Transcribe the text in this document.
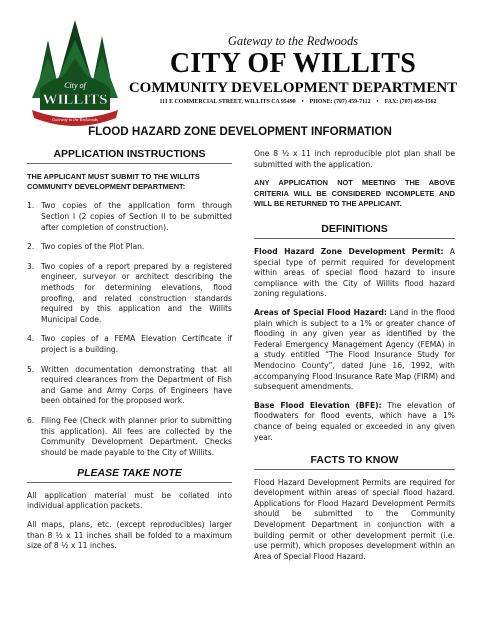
City of
WILLITS
Gateway to the Redwoods
Gateway to the Redwoods
CITY OF WILLITS
COMMUNITY DEVELOPMENT DEPARTMENT
111 E COMMERCIAL STREET, WILLITS CA 95490 • PHONE: (707) 459-7112 • FAX: (707) 459-1562
FLOOD HAZARD ZONE DEVELOPMENT INFORMATION
APPLICATION INSTRUCTIONS

THE APPLICANT MUST SUBMIT TO THE WILLITS COMMUNITY DEVELOPMENT DEPARTMENT:

1. Two copies of the application form through Section I (2 copies of Section II to be submitted after completion of construction).
2. Two copies of the Plot Plan.
3. Two copies of a report prepared by a registered engineer, surveyor or architect describing the methods for determining elevations, flood proofing, and related construction standards required by this application and the Willits Municipal Code.
4. Two copies of a FEMA Elevation Certificate if project is a building.
5. Written documentation demonstrating that all required clearances from the Department of Fish and Game and Army Corps of Engineers have been obtained for the proposed work.
6. Filing Fee (Check with planner prior to submitting this application). All fees are collected by the Community Development Department. Checks should be made payable to the City of Willits.
PLEASE TAKE NOTE

All application material must be collated into individual application packets.

All maps, plans, etc. (except reproducibles) larger than 8 ½ x 11 inches shall be folded to a maximum size of 8 ½ x 11 inches.

One 8 ½ x 11 inch reproducible plot plan shall be submitted with the application.

ANY APPLICATION NOT MEETING THE ABOVE CRITERIA WILL BE CONSIDERED INCOMPLETE AND WILL BE RETURNED TO THE APPLICANT.

DEFINITIONS

Flood Hazard Zone Development Permit: A special type of permit required for development within areas of special flood hazard to insure compliance with the City of Willits flood hazard zoning regulations.

Areas of Special Flood Hazard: Land in the flood plain which is subject to a 1% or greater chance of flooding in any given year as identified by the Federal Emergency Management Agency (FEMA) in a study entitled “The Flood Insurance Study for Mendocino County”, dated June 16, 1992, with accompanying Flood Insurance Rate Map (FIRM) and subsequent amendments.

Base Flood Elevation (BFE): The elevation of floodwaters for flood events, which have a 1% chance of being equaled or exceeded in any given year.

FACTS TO KNOW

Flood Hazard Development Permits are required for development within areas of special flood hazard. Applications for Flood Hazard Development Permits should be submitted to the Community Development Department in conjunction with a building permit or other development permit (i.e. use permit), which proposes development within an Area of Special Flood Hazard.
